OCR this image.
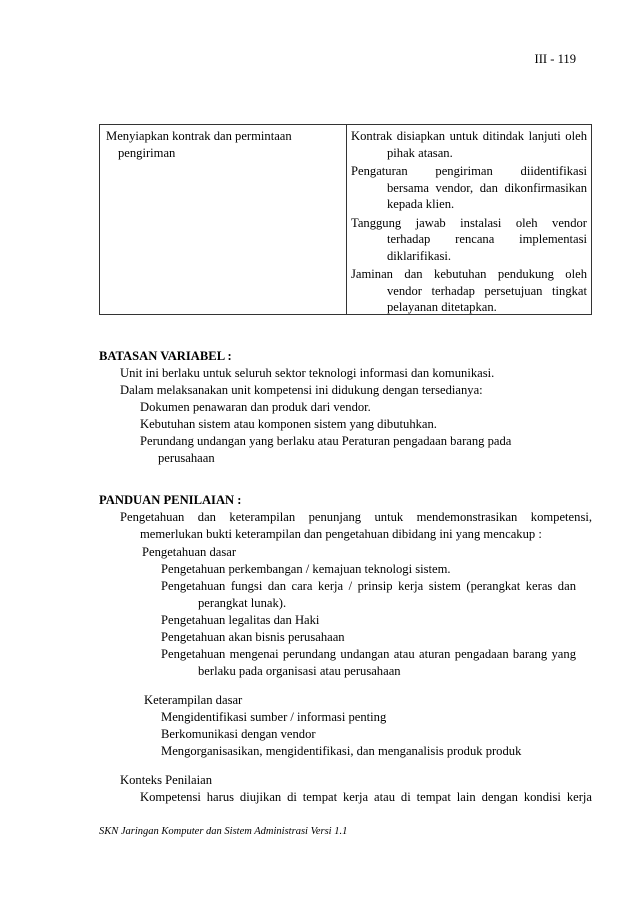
III - 119
Menyiapkan kontrak dan permintaan
pengiriman
Kontrak disiapkan untuk ditindak lanjuti oleh
pihak atasan.
Pengaturan pengiriman diidentifikasi
bersama vendor, dan dikonfirmasikan
kepada klien.
Tanggung jawab instalasi oleh vendor
terhadap rencana implementasi
diklarifikasi.
Jaminan dan kebutuhan pendukung oleh
vendor terhadap persetujuan tingkat
pelayanan ditetapkan.
BATASAN VARIABEL :
Unit ini berlaku untuk seluruh sektor teknologi informasi dan komunikasi.
Dalam melaksanakan unit kompetensi ini didukung dengan tersedianya:
Dokumen penawaran dan produk dari vendor.
Kebutuhan sistem atau komponen sistem yang dibutuhkan.
Perundang undangan yang berlaku atau Peraturan pengadaan barang pada
perusahaan
PANDUAN PENILAIAN :
Pengetahuan dan keterampilan penunjang untuk mendemonstrasikan kompetensi,
memerlukan bukti keterampilan dan pengetahuan dibidang ini yang mencakup :
Pengetahuan dasar
Pengetahuan perkembangan / kemajuan teknologi sistem.
Pengetahuan fungsi dan cara kerja / prinsip kerja sistem (perangkat keras dan
perangkat lunak).
Pengetahuan legalitas dan Haki
Pengetahuan akan bisnis perusahaan
Pengetahuan mengenai perundang undangan atau aturan pengadaan barang yang
berlaku pada organisasi atau perusahaan
Keterampilan dasar
Mengidentifikasi sumber / informasi penting
Berkomunikasi dengan vendor
Mengorganisasikan, mengidentifikasi, dan menganalisis produk produk
Konteks Penilaian
Kompetensi harus diujikan di tempat kerja atau di tempat lain dengan kondisi kerja
SKN Jaringan Komputer dan Sistem Administrasi Versi 1.1
